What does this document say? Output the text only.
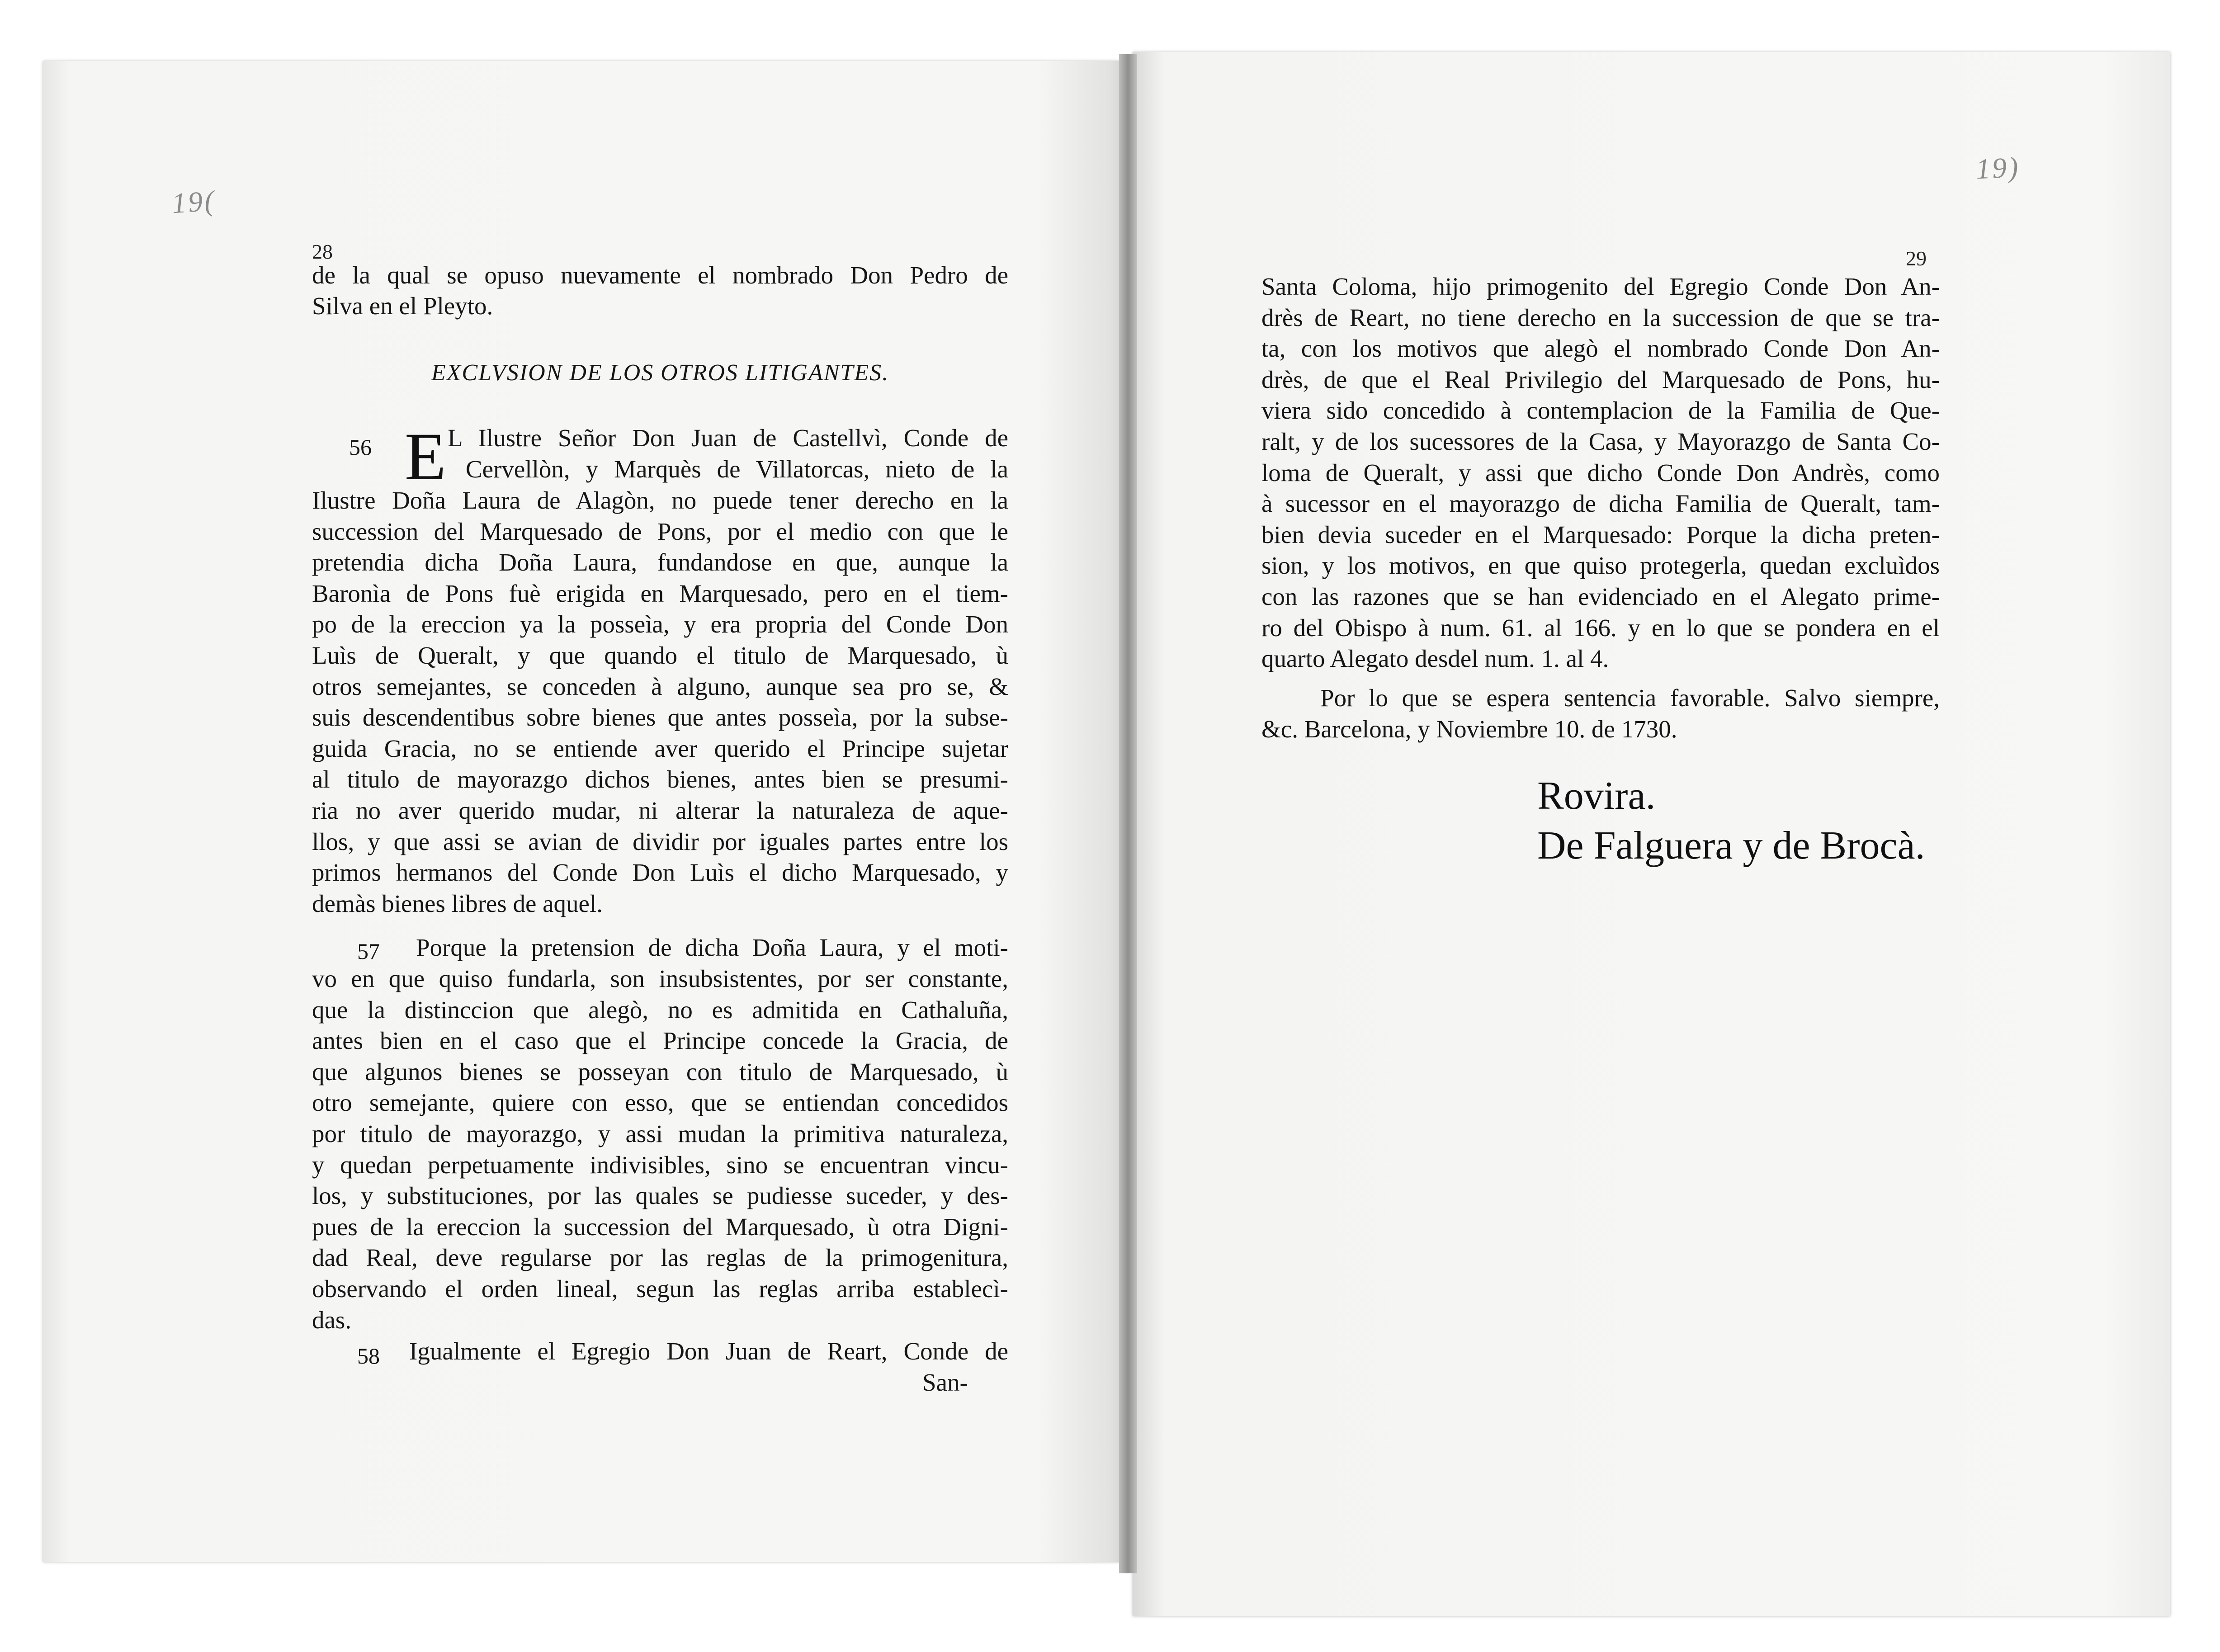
19(
19)
28
de la qual se opuso nuevamente el nombrado Don Pedro de
Silva en el Pleyto.
EXCLVSION DE LOS OTROS LITIGANTES.
56 E L Ilustre Señor Don Juan de Castellvì, Conde de
Cervellòn, y Marquès de Villatorcas, nieto de la
Ilustre Doña Laura de Alagòn, no puede tener derecho en la
succession del Marquesado de Pons, por el medio con que le
pretendia dicha Doña Laura, fundandose en que, aunque la
Baronìa de Pons fuè erigida en Marquesado, pero en el tiem-
po de la ereccion ya la posseìa, y era propria del Conde Don
Luìs de Queralt, y que quando el titulo de Marquesado, ù
otros semejantes, se conceden à alguno, aunque sea pro se, &
suis descendentibus sobre bienes que antes posseìa, por la subse-
guida Gracia, no se entiende aver querido el Principe sujetar
al titulo de mayorazgo dichos bienes, antes bien se presumi-
ria no aver querido mudar, ni alterar la naturaleza de aque-
llos, y que assi se avian de dividir por iguales partes entre los
primos hermanos del Conde Don Luìs el dicho Marquesado, y
demàs bienes libres de aquel.
57 Porque la pretension de dicha Doña Laura, y el moti-
vo en que quiso fundarla, son insubsistentes, por ser constante,
que la distinccion que alegò, no es admitida en Cathaluña,
antes bien en el caso que el Principe concede la Gracia, de
que algunos bienes se posseyan con titulo de Marquesado, ù
otro semejante, quiere con esso, que se entiendan concedidos
por titulo de mayorazgo, y assi mudan la primitiva naturaleza,
y quedan perpetuamente indivisibles, sino se encuentran vincu-
los, y substituciones, por las quales se pudiesse suceder, y des-
pues de la ereccion la succession del Marquesado, ù otra Digni-
dad Real, deve regularse por las reglas de la primogenitura,
observando el orden lineal, segun las reglas arriba establecì-
das.
58 Igualmente el Egregio Don Juan de Reart, Conde de
San-
29
Santa Coloma, hijo primogenito del Egregio Conde Don An-
drès de Reart, no tiene derecho en la succession de que se tra-
ta, con los motivos que alegò el nombrado Conde Don An-
drès, de que el Real Privilegio del Marquesado de Pons, hu-
viera sido concedido à contemplacion de la Familia de Que-
ralt, y de los sucessores de la Casa, y Mayorazgo de Santa Co-
loma de Queralt, y assi que dicho Conde Don Andrès, como
à sucessor en el mayorazgo de dicha Familia de Queralt, tam-
bien devia suceder en el Marquesado: Porque la dicha preten-
sion, y los motivos, en que quiso protegerla, quedan excluìdos
con las razones que se han evidenciado en el Alegato prime-
ro del Obispo à num. 61. al 166. y en lo que se pondera en el
quarto Alegato desdel num. 1. al 4.
Por lo que se espera sentencia favorable. Salvo siempre,
&c. Barcelona, y Noviembre 10. de 1730.
Rovira.
De Falguera y de Brocà.
